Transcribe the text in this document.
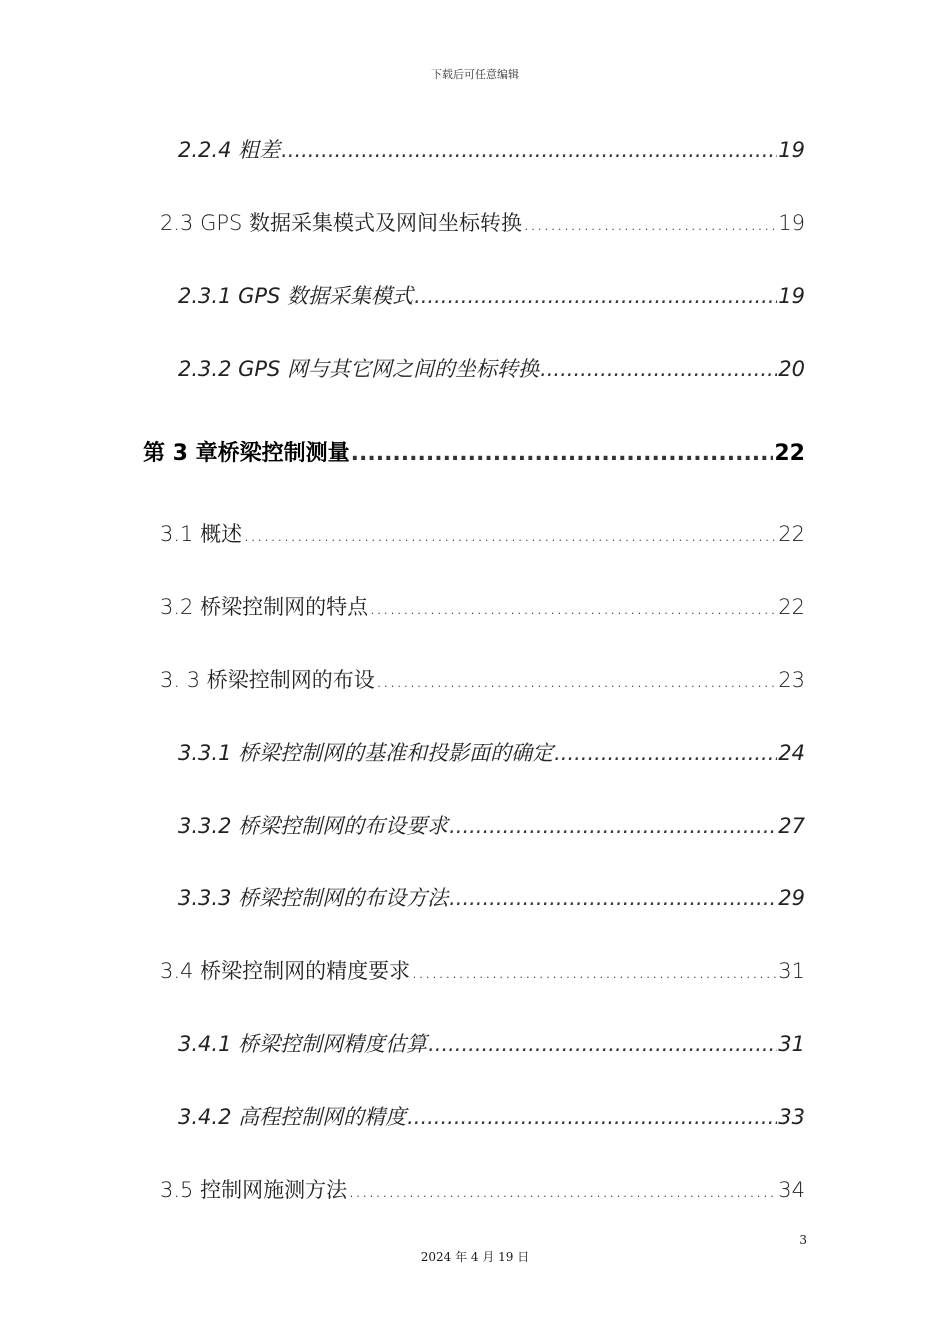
下载后可任意编辑
2.2.4 粗差 .....	19
2.3 GPS 数据采集模式及网间坐标转换 .....	19
2.3.1 GPS 数据采集模式 .....	19
2.3.2 GPS 网与其它网之间的坐标转换 .....	20
第 3 章桥梁控制测量 .....	22
3.1 概述 .....	22
3.2 桥梁控制网的特点 .....	22
3. 3 桥梁控制网的布设 .....	23
3.3.1 桥梁控制网的基准和投影面的确定 .....	24
3.3.2 桥梁控制网的布设要求 .....	27
3.3.3 桥梁控制网的布设方法 .....	29
3.4 桥梁控制网的精度要求 .....	31
3.4.1 桥梁控制网精度估算 .....	31
3.4.2 高程控制网的精度 .....	33
3.5 控制网施测方法 .....	34
3
2024 年 4 月 19 日
